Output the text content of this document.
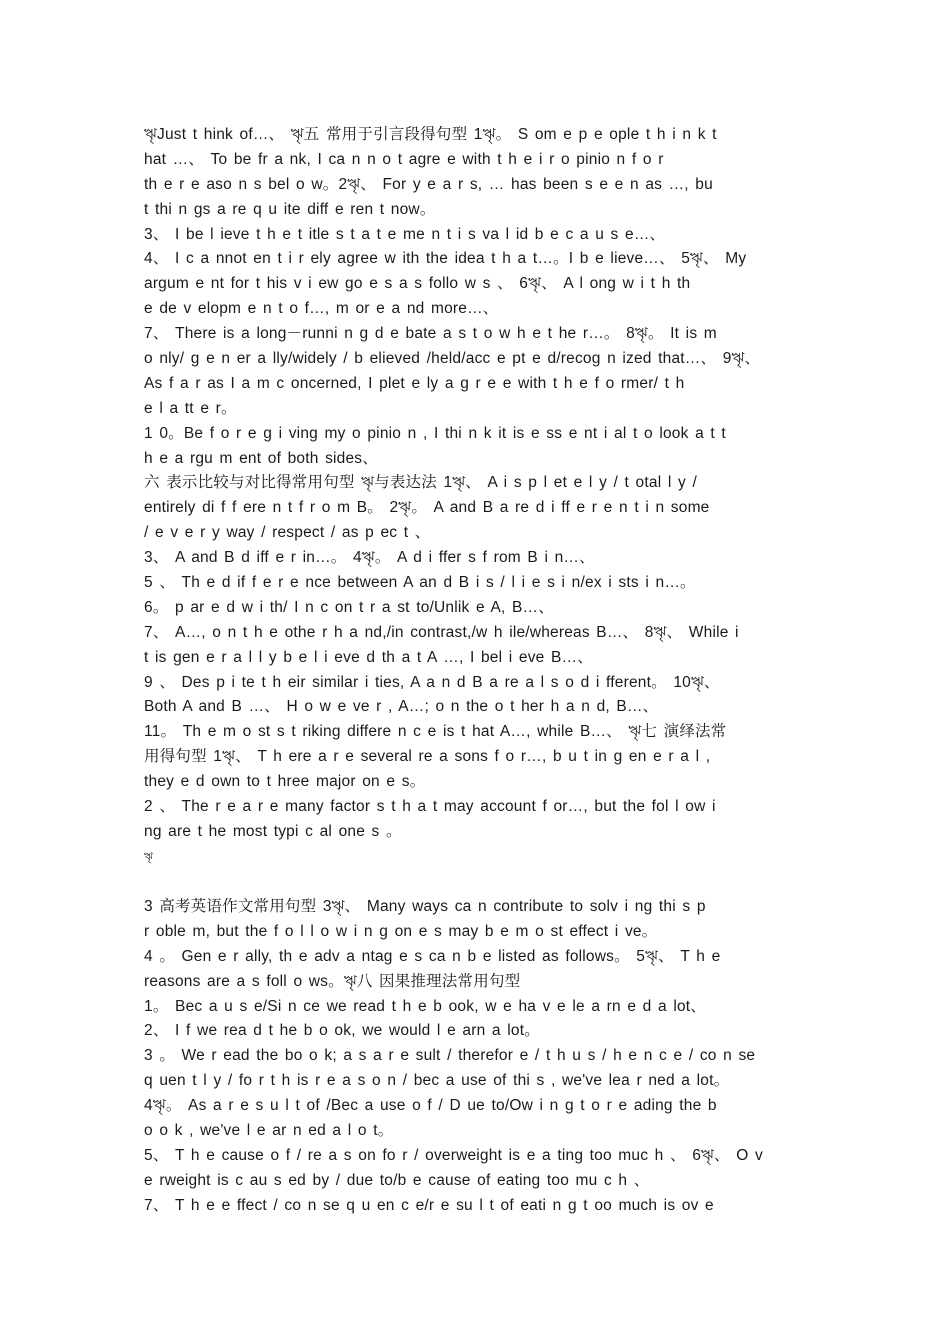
ৠJust t hink of…、 ৠ五 常用于引言段得句型 1ৠ。 S om e p e ople t h i n k t
hat …、 To be fr a nk, I ca n n o t agre e with t h e i r o pinio n f o r
th e r e aso n s bel o w。2ৠ、 For y e a r s, … has been s e e n as …, bu
t thi n gs a re q u ite diff e ren t now。
3、 I be l ieve t h e t itle s t a t e me n t i s va l id b e c a u s e…、
4、 I c a nnot en t i r ely agree w ith the idea t h a t…。I b e lieve…、 5ৠ、 My
argum e nt for t his v i ew go e s a s follo w s 、 6ৠ、 A l ong w i t h th
e de v elopm e n t o f…, m or e a nd more…、
7、 There is a long－runni n g d e bate a s t o w h e t he r…。 8ৠ。 It is m
o nly/ g e n er a lly/widely / b elieved /held/acc e pt e d/recog n ized that…、 9ৠ、
As f a r as I a m c oncerned, I plet e ly a g r e e with t h e f o rmer/ t h
e l a tt e r。
1 0。Be f o r e g i ving my o pinio n , I thi n k it is e ss e nt i al t o look a t t
h e a rgu m ent of both sides、
六 表示比较与对比得常用句型 ৠ与表达法 1ৠ、 A i s p l et e l y / t otal l y /
entirely di f f ere n t f r o m B。 2ৠ。 A and B a re d i ff e r e n t i n some
/ e v e r y way / respect / as p ec t 、
3、 A and B d iff e r in…。 4ৠ。 A d i ffer s f rom B i n…、
5 、 Th e d if f e r e nce between A an d B i s / l i e s i n/ex i sts i n…。
6。 p ar e d w i th/ I n c on t r a st to/Unlik e A, B…、
7、 A…, o n t h e othe r h a nd,/in contrast,/w h ile/whereas B…、 8ৠ、 While i
t is gen e r a l l y b e l i eve d th a t A …, I bel i eve B…、
9 、 Des p i te t h eir similar i ties, A a n d B a re a l s o d i fferent。 10ৠ、
Both A and B …、 H o w e ve r , A…; o n the o t her h a n d, B…、
11。 Th e m o st s t riking differe n c e is t hat A…, while B…、 ৠ七 演绎法常
用得句型 1ৠ、 T h ere a r e several re a sons f o r…, b u t in g en e r a l ,
they e d own to t hree major on e s。
2 、 The r e a r e many factor s t h a t may account f or…, but the fol l ow i
ng are t he most typi c al one s 。
ৠ
3 高考英语作文常用句型 3ৠ、 Many ways ca n contribute to solv i ng thi s p
r oble m, but the f o l l o w i n g on e s may b e m o st effect i ve。
4 。 Gen e r ally, th e adv a ntag e s ca n b e listed as follows。 5ৠ、 T h e
reasons are a s foll o ws。ৠ八 因果推理法常用句型
1。 Bec a u s e/Si n ce we read t h e b ook, w e ha v e le a rn e d a lot、
2、 I f we rea d t he b o ok, we would l e arn a lot。
3 。 We r ead the bo o k; a s a r e sult / therefor e / t h u s / h e n c e / co n se
q uen t l y / fo r t h is r e a s o n / bec a use of thi s , we've lea r ned a lot。
4ৠ。 As a r e s u l t of /Bec a use o f / D ue to/Ow i n g t o r e ading the b
o o k , we've l e ar n ed a l o t。
5、 T h e cause o f / re a s on fo r / overweight is e a ting too muc h 、 6ৠ、 O v
e rweight is c au s ed by / due to/b e cause of eating too mu c h 、
7、 T h e e ffect / co n se q u en c e/r e su l t of eati n g t oo much is ov e
